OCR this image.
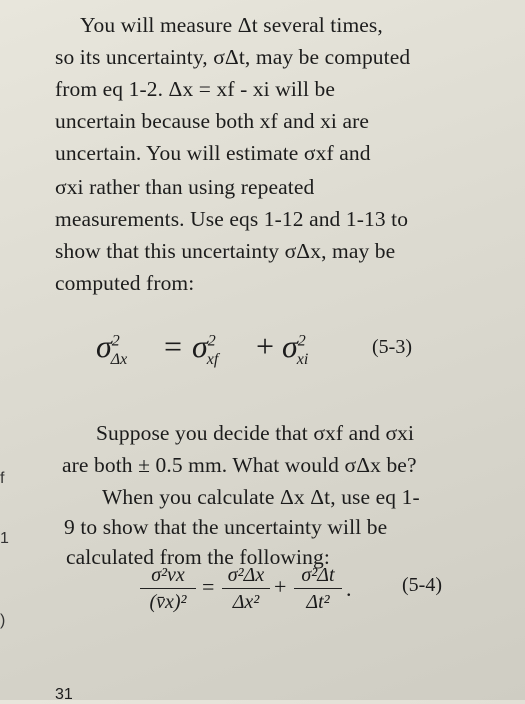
You will measure Δt several times,
so its uncertainty, σΔt, may be computed
from eq 1-2. Δx = xf - xi will be
uncertain because both xf and xi are
uncertain. You will estimate σxf and
σxi rather than using repeated
measurements. Use eqs 1-12 and 1-13 to
show that this uncertainty σΔx, may be
computed from:
$\sigma^2_{\Delta x} = \sigma^2_{xf} + \sigma^2_{xi}$
(5-3)
Suppose you decide that σxf and σxi
are both ± 0.5 mm. What would σΔx be?
When you calculate Δx Δt, use eq 1-
9 to show that the uncertainty will be
calculated from the following:
σ²vx
(v̄x)²
= σ²Δx
Δx²
+ σ²Δt
Δt²
.	(5-4)
31
f
1
)
